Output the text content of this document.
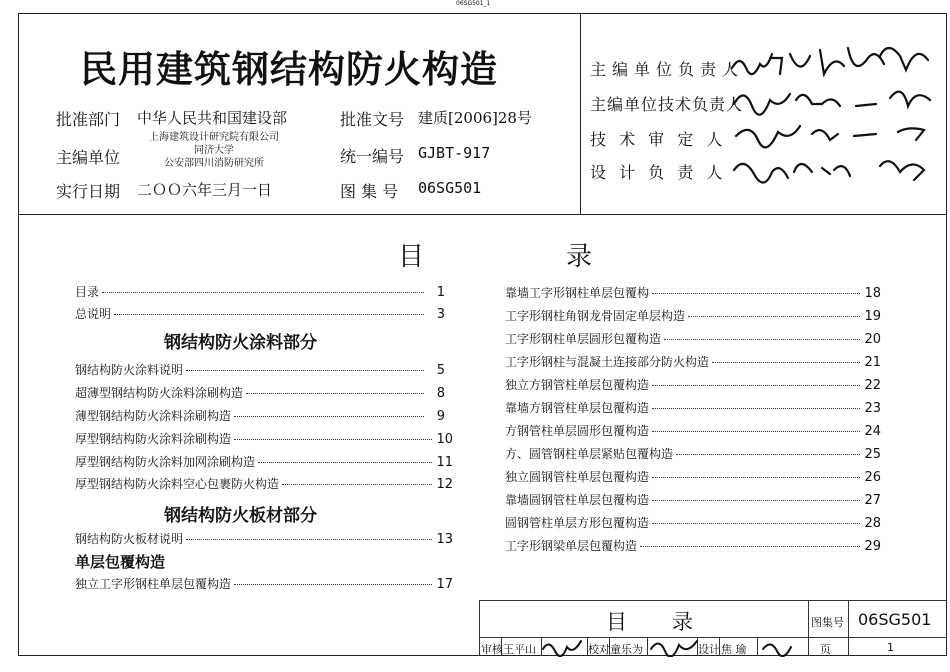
06SG501_1
民用建筑钢结构防火构造
批准部门 中华人民共和国建设部
主编单位
上海建筑设计研究院有限公司
同济大学
公安部四川消防研究所
实行日期 二ＯＯ六年三月一日
批准文号 建质[2006]28号
统一编号 GJBT-917
图 集 号 06SG501
主编单位负责人
主编单位技术负责人
技 术 审 定 人
设 计 负 责 人
目	录
目录	1
总说明	3
钢结构防火涂料部分
钢结构防火涂料说明	5
超薄型钢结构防火涂料涂刷构造	8
薄型钢结构防火涂料涂刷构造	9
厚型钢结构防火涂料涂刷构造	10
厚型钢结构防火涂料加网涂刷构造	11
厚型钢结构防火涂料空心包裹防火构造	12
钢结构防火板材部分
钢结构防火板材说明	13
单层包覆构造
独立工字形钢柱单层包覆构造	17
靠墙工字形钢柱单层包覆构	18
工字形钢柱角钢龙骨固定单层构造	19
工字形钢柱单层圆形包覆构造	20
工字形钢柱与混凝土连接部分防火构造	21
独立方钢管柱单层包覆构造	22
靠墙方钢管柱单层包覆构造	23
方钢管柱单层圆形包覆构造	24
方、圆管钢柱单层紧贴包覆构造	25
独立圆钢管柱单层包覆构造	26
靠墙圆钢管柱单层包覆构造	27
圆钢管柱单层方形包覆构造	28
工字形钢梁单层包覆构造	29
目 录	图集号 06SG501
审核 王平山	校对 童乐为	设计 焦 瑜	页	1
